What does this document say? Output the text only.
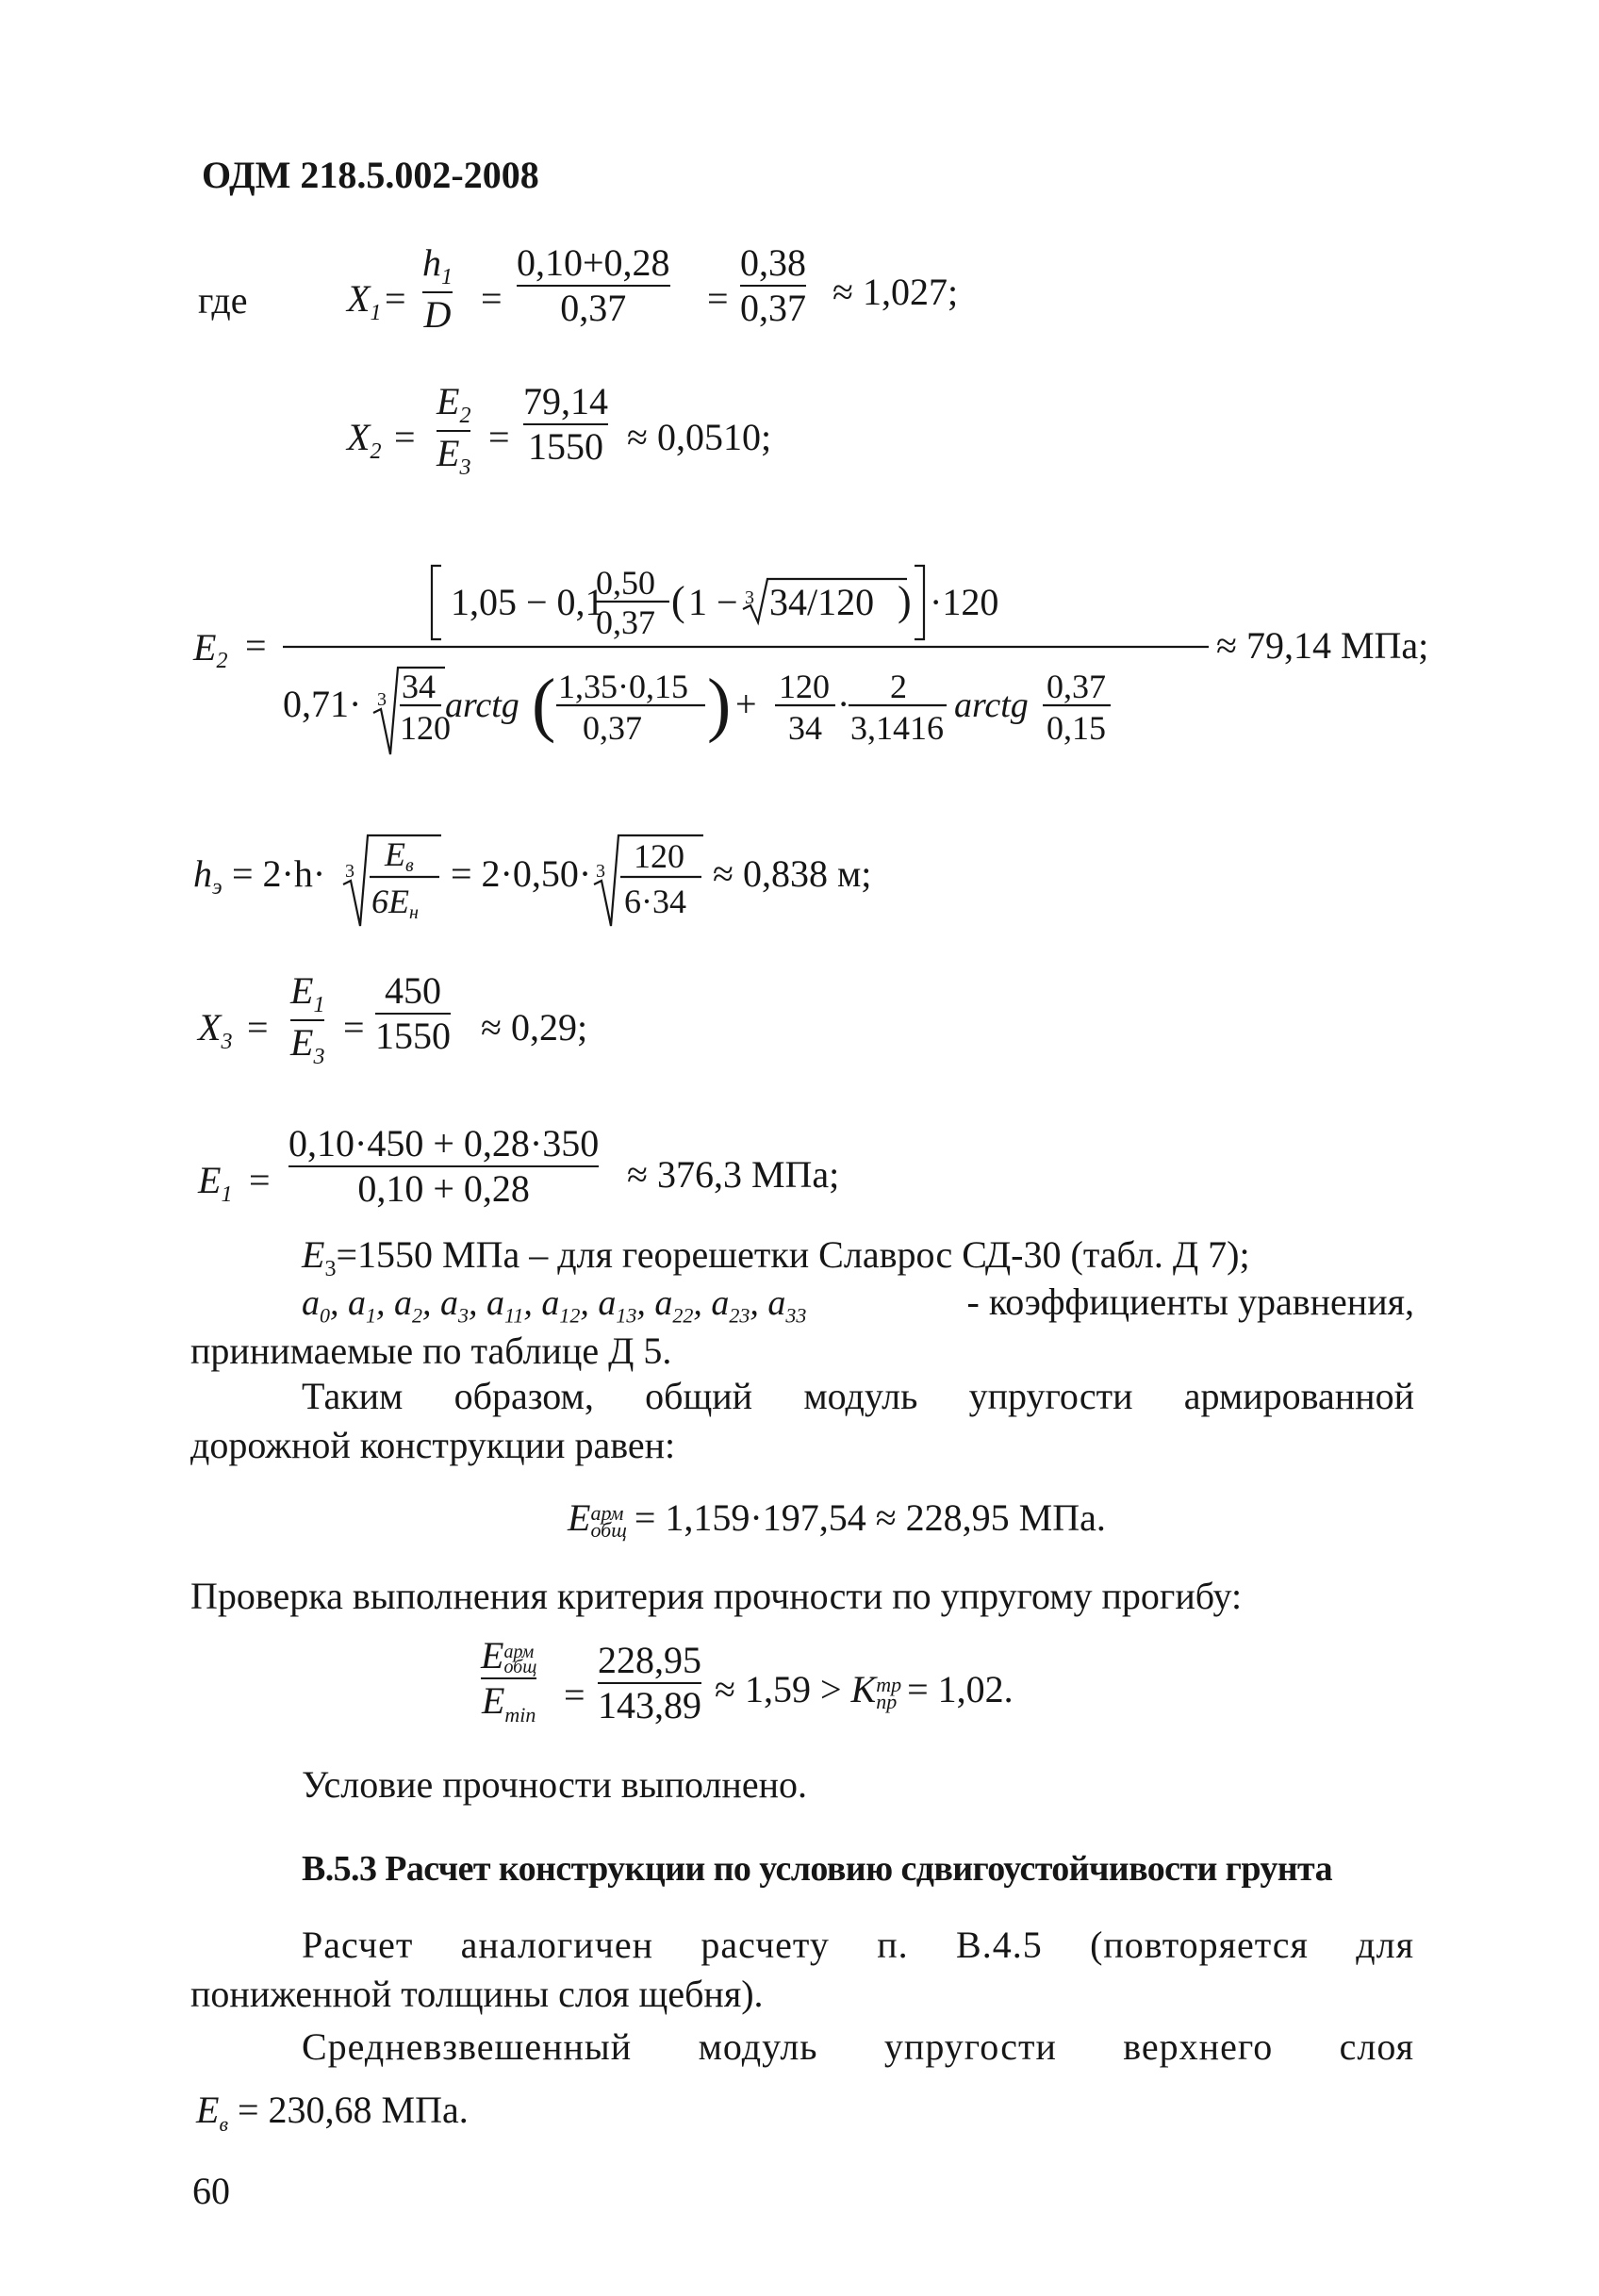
ОДМ 218.5.002-2008
где	$X_1$ =
$h_1$
D =
0,10+0,28
0,37 =
0,38
0,37 ≈ 1,027;
$X_2$ =
$E_2$
$E_3$
=
79,14
1550 ≈ 0,0510;
$E_2$ =
1,05 − 0,1
0,50
0,37 ( 1 − 3 34/120 ) ·120
0,71· 3 34
120
arctg ( 1,35·0,15
0,37 ) + 120
34
· 2
3,1416
arctg 0,37
0,15
≈ 79,14 МПа;
$h_э = 2\cdot h\cdot 3$ Eв
6Eн
= 2·0,50· 3 120
6·34
≈ 0,838 м;
$X_3$ =
$E_1$
$E_3$
=
450
1550 ≈ 0,29;
$E_1$ =
0,10·450 + 0,28·350
0,10 + 0,28	≈ 376,3 МПа;
$E_3=1550$ МПа – для георешетки Славрос СД-30 (табл. Д 7);
$a_0$, $a_1$, $a_2$, $a_3$, $a_{11}$, $a_{12}$, $a_{13}$, $a_{22}$, $a_{23}$, $a_{33}$	- коэффициенты уравнения,
принимаемые по таблице Д 5.
Таким образом, общий модуль упругости армированной
дорожной конструкции равен:
E арм
общ = 1,159·197,54 ≈ 228,95 МПа.
Проверка выполнения критерия прочности по упругому прогибу:
E арм
общ
$E_{min}$ =
228,95
143,89 ≈ 1,59 > K тр
пр = 1,02.
Условие прочности выполнено.
В.5.3 Расчет конструкции по условию сдвигоустойчивости грунта
Расчет аналогичен расчету п. В.4.5 (повторяется для
пониженной толщины слоя щебня).
Средневзвешенный модуль упругости верхнего слоя
$E_в = 230,68$ МПа.
60
